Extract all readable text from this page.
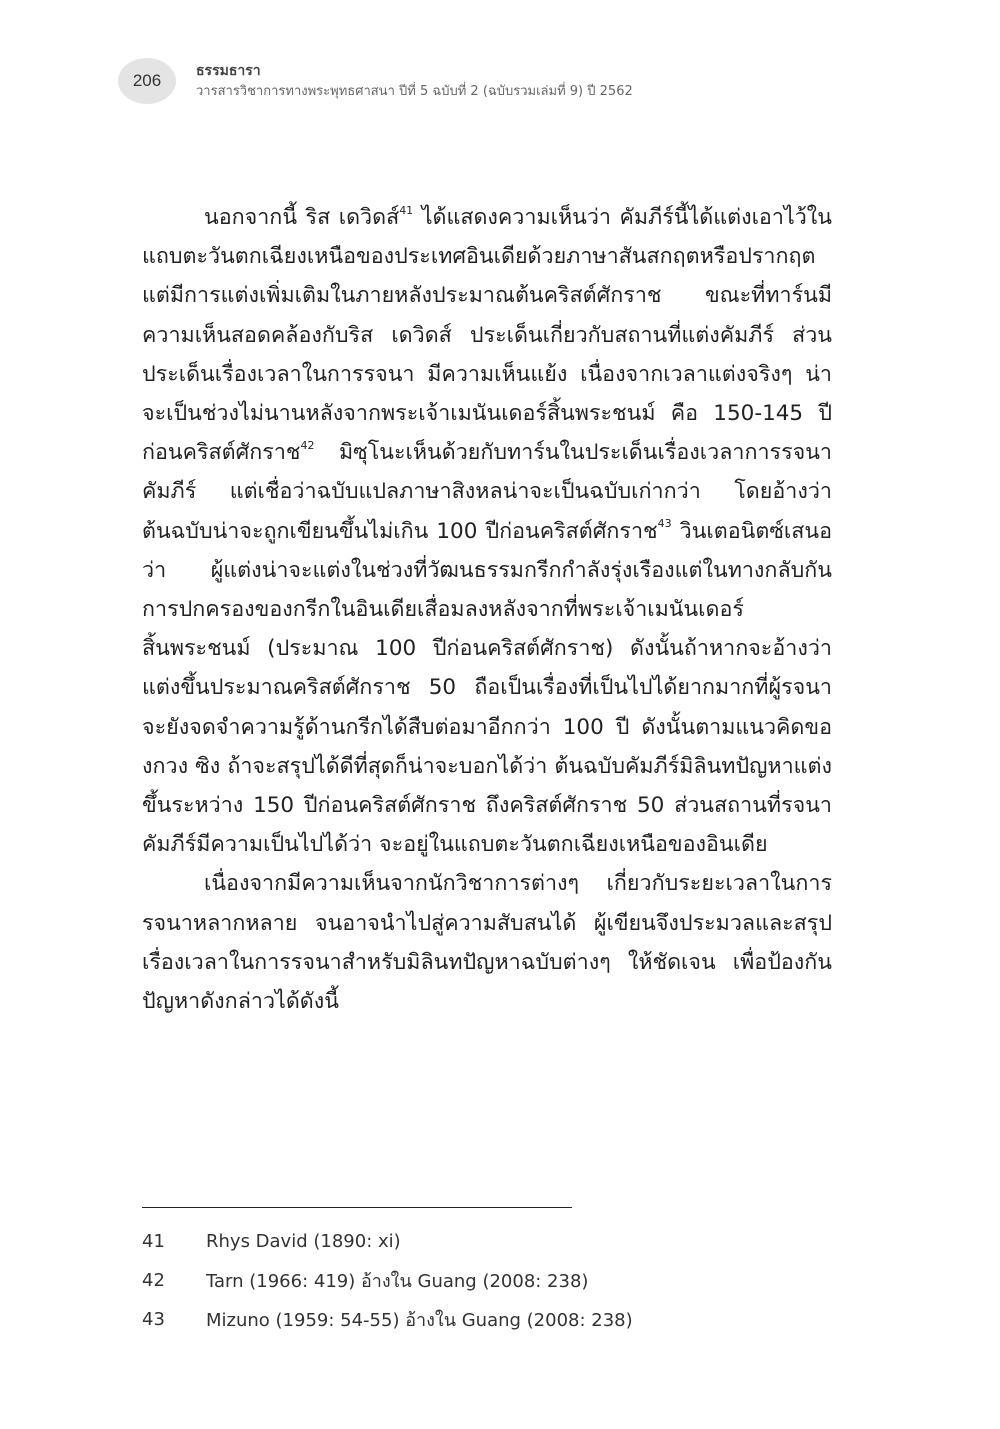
206 ธรรมธารา
วารสารวิชาการทางพระพุทธศาสนา ปีที่ 5 ฉบับที่ 2 (ฉบับรวมเล่มที่ 9) ปี 2562

นอกจากนี้ ริส เดวิดส์$^{41}$ ได้แสดงความเห็นว่า คัมภีร์นี้ได้แต่งเอาไว้ในแถบตะวันตกเฉียงเหนือของประเทศอินเดียด้วยภาษาสันสกฤตหรือปรากฤต แต่มีการแต่งเพิ่มเติมในภายหลังประมาณต้นคริสต์ศักราช ขณะที่ทาร์นมีความเห็นสอดคล้องกับริส เดวิดส์ ประเด็นเกี่ยวกับสถานที่แต่งคัมภีร์ ส่วนประเด็นเรื่องเวลาในการรจนา มีความเห็นแย้ง เนื่องจากเวลาแต่งจริงๆ น่าจะเป็นช่วงไม่นานหลังจากพระเจ้าเมนันเดอร์สิ้นพระชนม์ คือ 150-145 ปีก่อนคริสต์ศักราช$^{42}$ มิซุโนะเห็นด้วยกับทาร์นในประเด็นเรื่องเวลาการรจนาคัมภีร์ แต่เชื่อว่าฉบับแปลภาษาสิงหลน่าจะเป็นฉบับเก่ากว่า โดยอ้างว่าต้นฉบับน่าจะถูกเขียนขึ้นไม่เกิน 100 ปีก่อนคริสต์ศักราช$^{43}$ วินเตอนิตซ์เสนอว่า ผู้แต่งน่าจะแต่งในช่วงที่วัฒนธรรมกรีกกำลังรุ่งเรืองแต่ในทางกลับกัน การปกครองของกรีกในอินเดียเสื่อมลงหลังจากที่พระเจ้าเมนันเดอร์สิ้นพระชนม์ (ประมาณ 100 ปีก่อนคริสต์ศักราช) ดังนั้นถ้าหากจะอ้างว่า แต่งขึ้นประมาณคริสต์ศักราช 50 ถือเป็นเรื่องที่เป็นไปได้ยากมากที่ผู้รจนาจะยังจดจำความรู้ด้านกรีกได้สืบต่อมาอีกกว่า 100 ปี ดังนั้นตามแนวคิดของกวง ซิง ถ้าจะสรุปได้ดีที่สุดก็น่าจะบอกได้ว่า ต้นฉบับคัมภีร์มิลินทปัญหาแต่งขึ้นระหว่าง 150 ปีก่อนคริสต์ศักราช ถึงคริสต์ศักราช 50 ส่วนสถานที่รจนาคัมภีร์มีความเป็นไปได้ว่า จะอยู่ในแถบตะวันตกเฉียงเหนือของอินเดีย

เนื่องจากมีความเห็นจากนักวิชาการต่างๆ เกี่ยวกับระยะเวลาในการรจนาหลากหลาย จนอาจนำไปสู่ความสับสนได้ ผู้เขียนจึงประมวลและสรุปเรื่องเวลาในการรจนาสำหรับมิลินทปัญหาฉบับต่างๆ ให้ชัดเจน เพื่อป้องกันปัญหาดังกล่าวได้ดังนี้

41	Rhys David (1890: xi)
42	Tarn (1966: 419) อ้างใน Guang (2008: 238)
43	Mizuno (1959: 54-55) อ้างใน Guang (2008: 238)
